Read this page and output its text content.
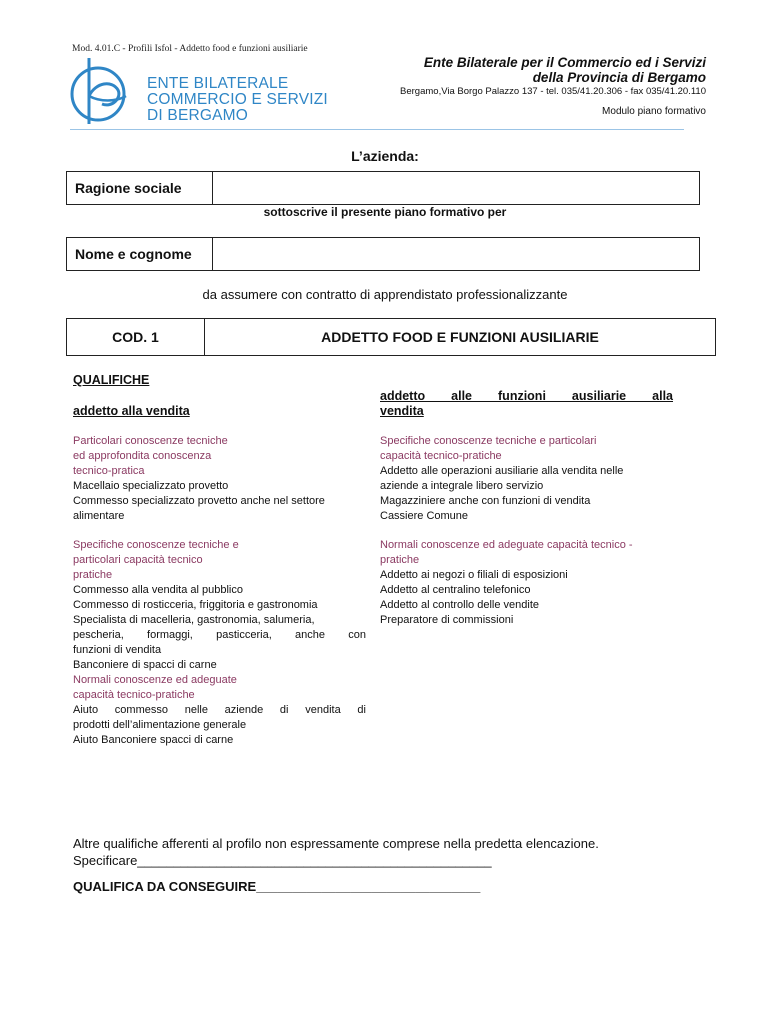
Mod. 4.01.C - Profili Isfol - Addetto food e funzioni ausiliarie
ENTE BILATERALE
COMMERCIO E SERVIZI
DI BERGAMO
Ente Bilaterale per il Commercio ed i Servizi
della Provincia di Bergamo
Bergamo,Via Borgo Palazzo 137 - tel. 035/41.20.306 - fax 035/41.20.110
Modulo piano formativo
L’azienda:
Ragione sociale
sottoscrive il presente piano formativo per
Nome e cognome
da assumere con contratto di apprendistato professionalizzante
COD. 1	ADDETTO FOOD E FUNZIONI AUSILIARIE
QUALIFICHE
addetto alla vendita
Particolari conoscenze tecniche
ed approfondita conoscenza
tecnico-pratica
Macellaio specializzato provetto
Commesso specializzato provetto anche nel settore
alimentare
Specifiche conoscenze tecniche e
particolari capacità tecnico
pratiche
Commesso alla vendita al pubblico
Commesso di rosticceria, friggitoria e gastronomia
Specialista di macelleria, gastronomia, salumeria,
pescheria, formaggi, pasticceria, anche con
funzioni di vendita
Banconiere di spacci di carne
Normali conoscenze ed adeguate
capacità tecnico-pratiche
Aiuto commesso nelle aziende di vendita di
prodotti dell’alimentazione generale
Aiuto Banconiere spacci di carne
addetto alle funzioni ausiliarie alla
vendita
Specifiche conoscenze tecniche e particolari
capacità tecnico-pratiche
Addetto alle operazioni ausiliarie alla vendita nelle
aziende a integrale libero servizio
Magazziniere anche con funzioni di vendita
Cassiere Comune
Normali conoscenze ed adeguate capacità tecnico -
pratiche
Addetto ai negozi o filiali di esposizioni
Addetto al centralino telefonico
Addetto al controllo delle vendite
Preparatore di commissioni
Altre qualifiche afferenti al profilo non espressamente comprese nella predetta elencazione.
Specificare_________________________________________________
QUALIFICA DA CONSEGUIRE_______________________________
